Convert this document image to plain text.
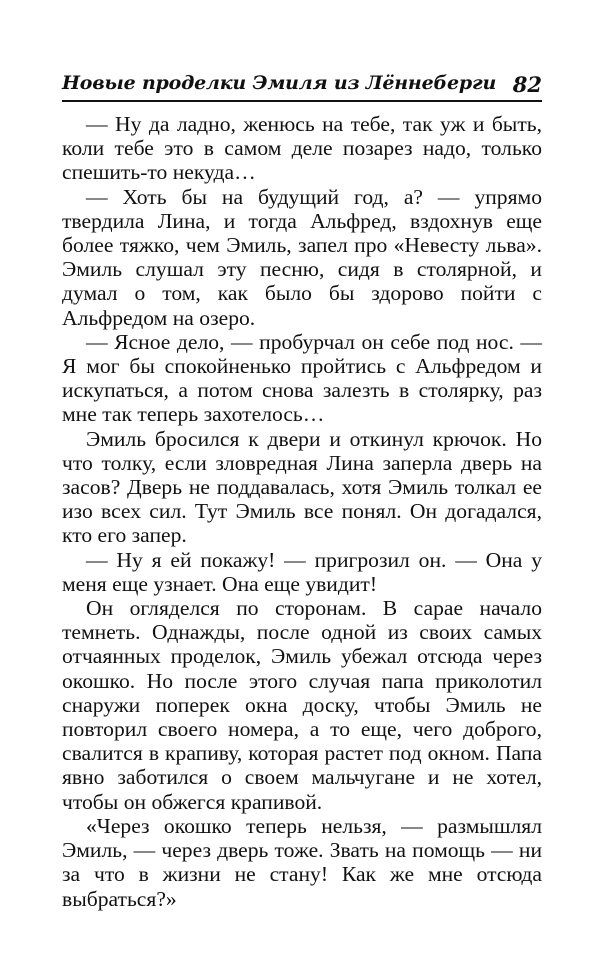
Новые проделки Эмиля из Лённеберги 82

— Ну да ладно, женюсь на тебе, так уж и быть, коли тебе это в самом деле позарез надо, только спешить-то некуда…

— Хоть бы на будущий год, а? — упрямо твердила Лина, и тогда Альфред, вздохнув еще более тяжко, чем Эмиль, запел про «Невесту льва». Эмиль слушал эту песню, сидя в столярной, и думал о том, как было бы здорово пойти с Альфредом на озеро.

— Ясное дело, — пробурчал он себе под нос. — Я мог бы спокойненько пройтись с Альфредом и искупаться, а потом снова залезть в столярку, раз мне так теперь захотелось…

Эмиль бросился к двери и откинул крючок. Но что толку, если зловредная Лина заперла дверь на засов? Дверь не поддавалась, хотя Эмиль толкал ее изо всех сил. Тут Эмиль все понял. Он догадался, кто его запер.

— Ну я ей покажу! — пригрозил он. — Она у меня еще узнает. Она еще увидит!

Он огляделся по сторонам. В сарае начало темнеть. Однажды, после одной из своих самых отчаянных проделок, Эмиль убежал отсюда через окошко. Но после этого случая папа приколотил снаружи поперек окна доску, чтобы Эмиль не повторил своего номера, а то еще, чего доброго, свалится в крапиву, которая растет под окном. Папа явно заботился о своем мальчугане и не хотел, чтобы он обжегся крапивой.

«Через окошко теперь нельзя, — размышлял Эмиль, — через дверь тоже. Звать на помощь — ни за что в жизни не стану! Как же мне отсюда выбраться?»
